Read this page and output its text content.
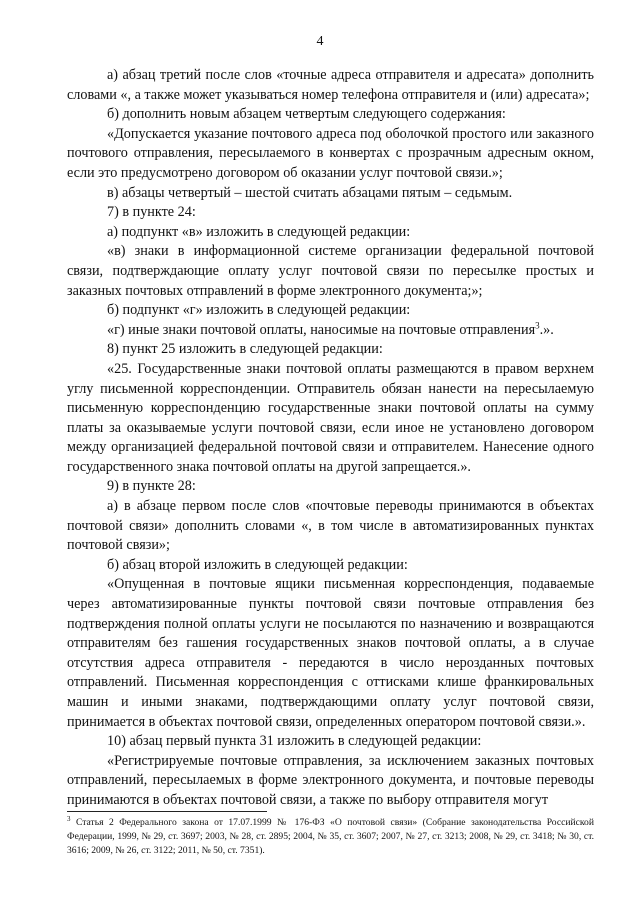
4

а) абзац третий после слов «точные адреса отправителя и адресата» дополнить словами «, а также может указываться номер телефона отправителя и (или) адресата»;

б) дополнить новым абзацем четвертым следующего содержания:

«Допускается указание почтового адреса под оболочкой простого или заказного почтового отправления, пересылаемого в конвертах с прозрачным адресным окном, если это предусмотрено договором об оказании услуг почтовой связи.»;

в) абзацы четвертый – шестой считать абзацами пятым – седьмым.

7) в пункте 24:

а) подпункт «в» изложить в следующей редакции:

«в) знаки в информационной системе организации федеральной почтовой связи, подтверждающие оплату услуг почтовой связи по пересылке простых и заказных почтовых отправлений в форме электронного документа;»;

б) подпункт «г» изложить в следующей редакции:

«г) иные знаки почтовой оплаты, наносимые на почтовые отправления$^3$.».

8) пункт 25 изложить в следующей редакции:

«25. Государственные знаки почтовой оплаты размещаются в правом верхнем углу письменной корреспонденции. Отправитель обязан нанести на пересылаемую письменную корреспонденцию государственные знаки почтовой оплаты на сумму платы за оказываемые услуги почтовой связи, если иное не установлено договором между организацией федеральной почтовой связи и отправителем. Нанесение одного государственного знака почтовой оплаты на другой запрещается.».

9) в пункте 28:

а) в абзаце первом после слов «почтовые переводы принимаются в объектах почтовой связи» дополнить словами «, в том числе в автоматизированных пунктах почтовой связи»;

б) абзац второй изложить в следующей редакции:

«Опущенная в почтовые ящики письменная корреспонденция, подаваемые через автоматизированные пункты почтовой связи почтовые отправления без подтверждения полной оплаты услуги не посылаются по назначению и возвращаются отправителям без гашения государственных знаков почтовой оплаты, а в случае отсутствия адреса отправителя - передаются в число нерозданных почтовых отправлений. Письменная корреспонденция с оттисками клише франкировальных машин и иными знаками, подтверждающими оплату услуг почтовой связи, принимается в объектах почтовой связи, определенных оператором почтовой связи.».

10) абзац первый пункта 31 изложить в следующей редакции:

«Регистрируемые почтовые отправления, за исключением заказных почтовых отправлений, пересылаемых в форме электронного документа, и почтовые переводы принимаются в объектах почтовой связи, а также по выбору отправителя могут

$^3$ Статья 2 Федерального закона от 17.07.1999 № 176-ФЗ «О почтовой связи» (Собрание законодательства Российской Федерации, 1999, № 29, ст. 3697; 2003, № 28, ст. 2895; 2004, № 35, ст. 3607; 2007, № 27, ст. 3213; 2008, № 29, ст. 3418; № 30, ст. 3616; 2009, № 26, ст. 3122; 2011, № 50, ст. 7351).
